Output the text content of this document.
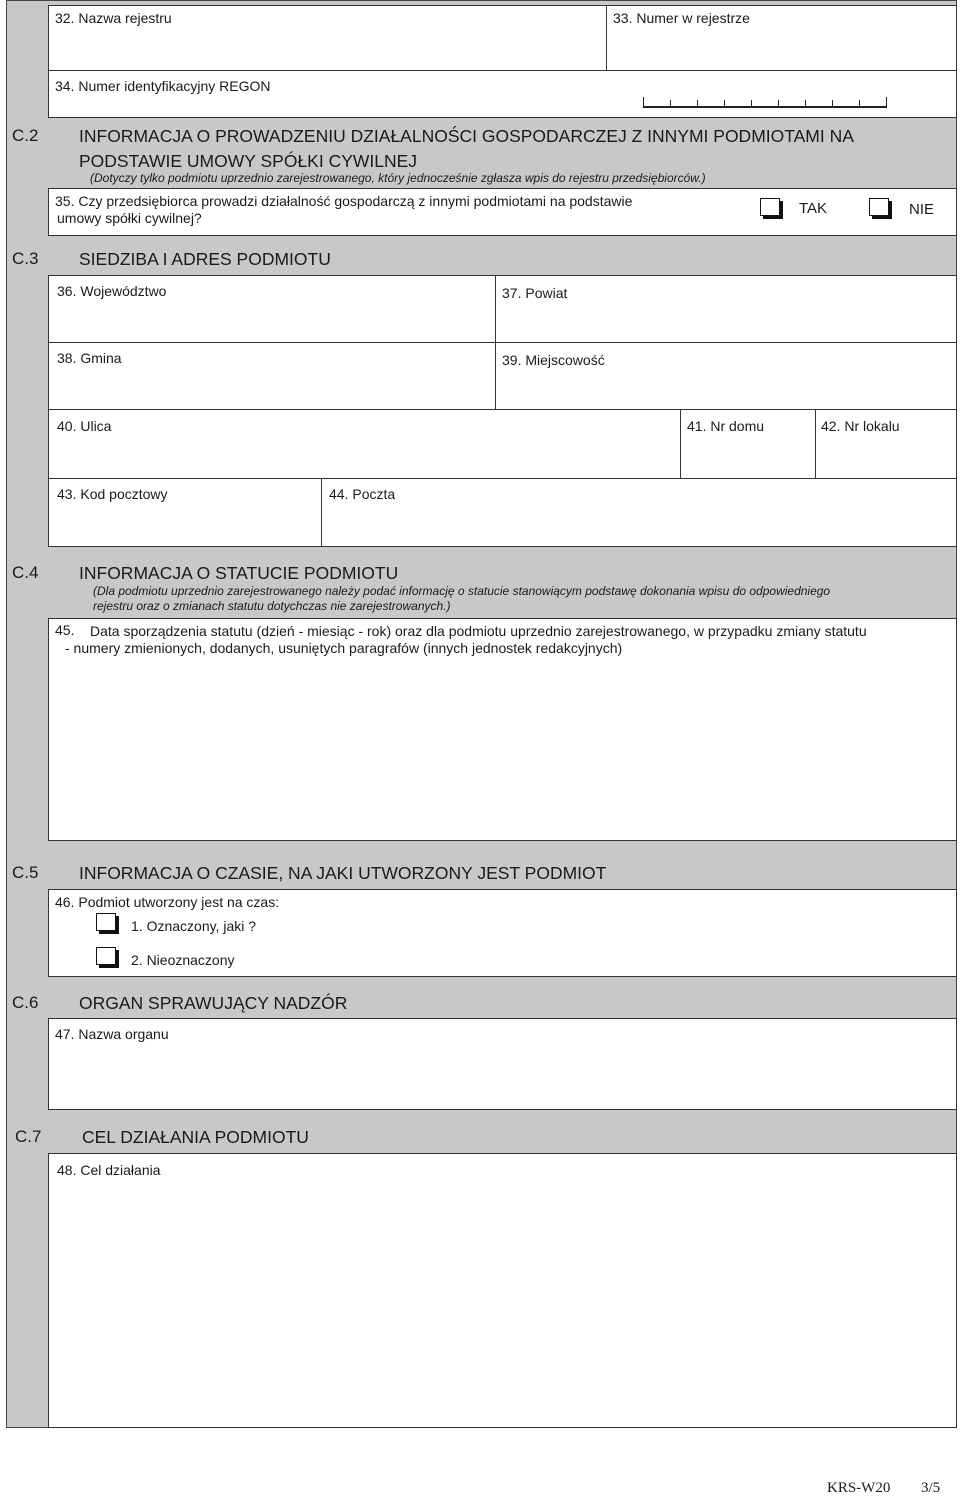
32. Nazwa rejestru	33. Numer w rejestrze
34. Numer identyfikacyjny REGON
C.2 INFORMACJA O PROWADZENIU DZIAŁALNOŚCI GOSPODARCZEJ Z INNYMI PODMIOTAMI NA
PODSTAWIE UMOWY SPÓŁKI CYWILNEJ
(Dotyczy tylko podmiotu uprzednio zarejestrowanego, który jednocześnie zgłasza wpis do rejestru przedsiębiorców.)
35. Czy przedsiębiorca prowadzi działalność gospodarczą z innymi podmiotami na podstawie
umowy spółki cywilnej?
TAK	NIE
C.3 SIEDZIBA I ADRES PODMIOTU
36. Województwo	37. Powiat
38. Gmina	39. Miejscowość
40. Ulica	41. Nr domu	42. Nr lokalu
43. Kod pocztowy	44. Poczta
C.4 INFORMACJA O STATUCIE PODMIOTU
(Dla podmiotu uprzednio zarejestrowanego należy podać informację o statucie stanowiącym podstawę dokonania wpisu do odpowiedniego
rejestru oraz o zmianach statutu dotychczas nie zarejestrowanych.)
45. Data sporządzenia statutu (dzień - miesiąc - rok) oraz dla podmiotu uprzednio zarejestrowanego, w przypadku zmiany statutu
- numery zmienionych, dodanych, usuniętych paragrafów (innych jednostek redakcyjnych)
C.5 INFORMACJA O CZASIE, NA JAKI UTWORZONY JEST PODMIOT
46. Podmiot utworzony jest na czas:
1. Oznaczony, jaki ?
2. Nieoznaczony
C.6 ORGAN SPRAWUJĄCY NADZÓR
47. Nazwa organu
C.7 CEL DZIAŁANIA PODMIOTU
48. Cel działania
KRS-W20 3/5
